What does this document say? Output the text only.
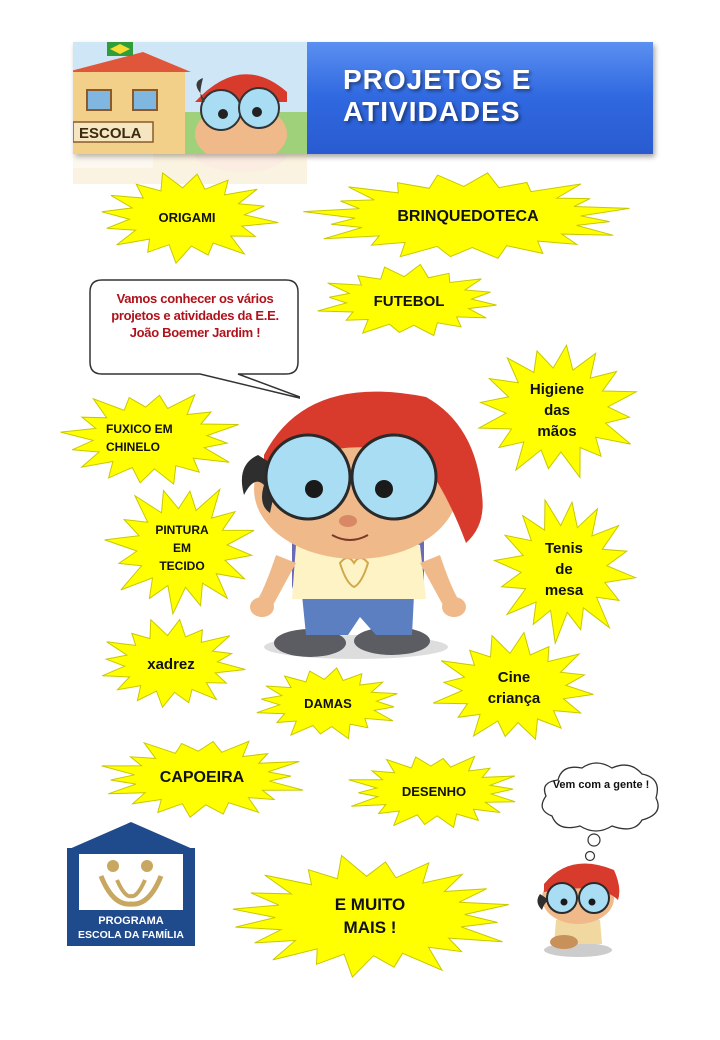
ESCOLA
PROJETOS E
ATIVIDADES
Vamos conhecer os vários projetos e atividades da E.E. João Boemer Jardim !
ORIGAMI	BRINQUEDOTECA
FUTEBOL
Higiene
das
mãos
FUXICO EM
CHINELO
PINTURA
EM
TECIDO
Tenis
de
mesa
xadrez
Cine
criança
DAMAS
CAPOEIRA
DESENHO
E MUITO
MAIS !
Vem com a gente !
PROGRAMA
ESCOLA DA FAMÍLIA
